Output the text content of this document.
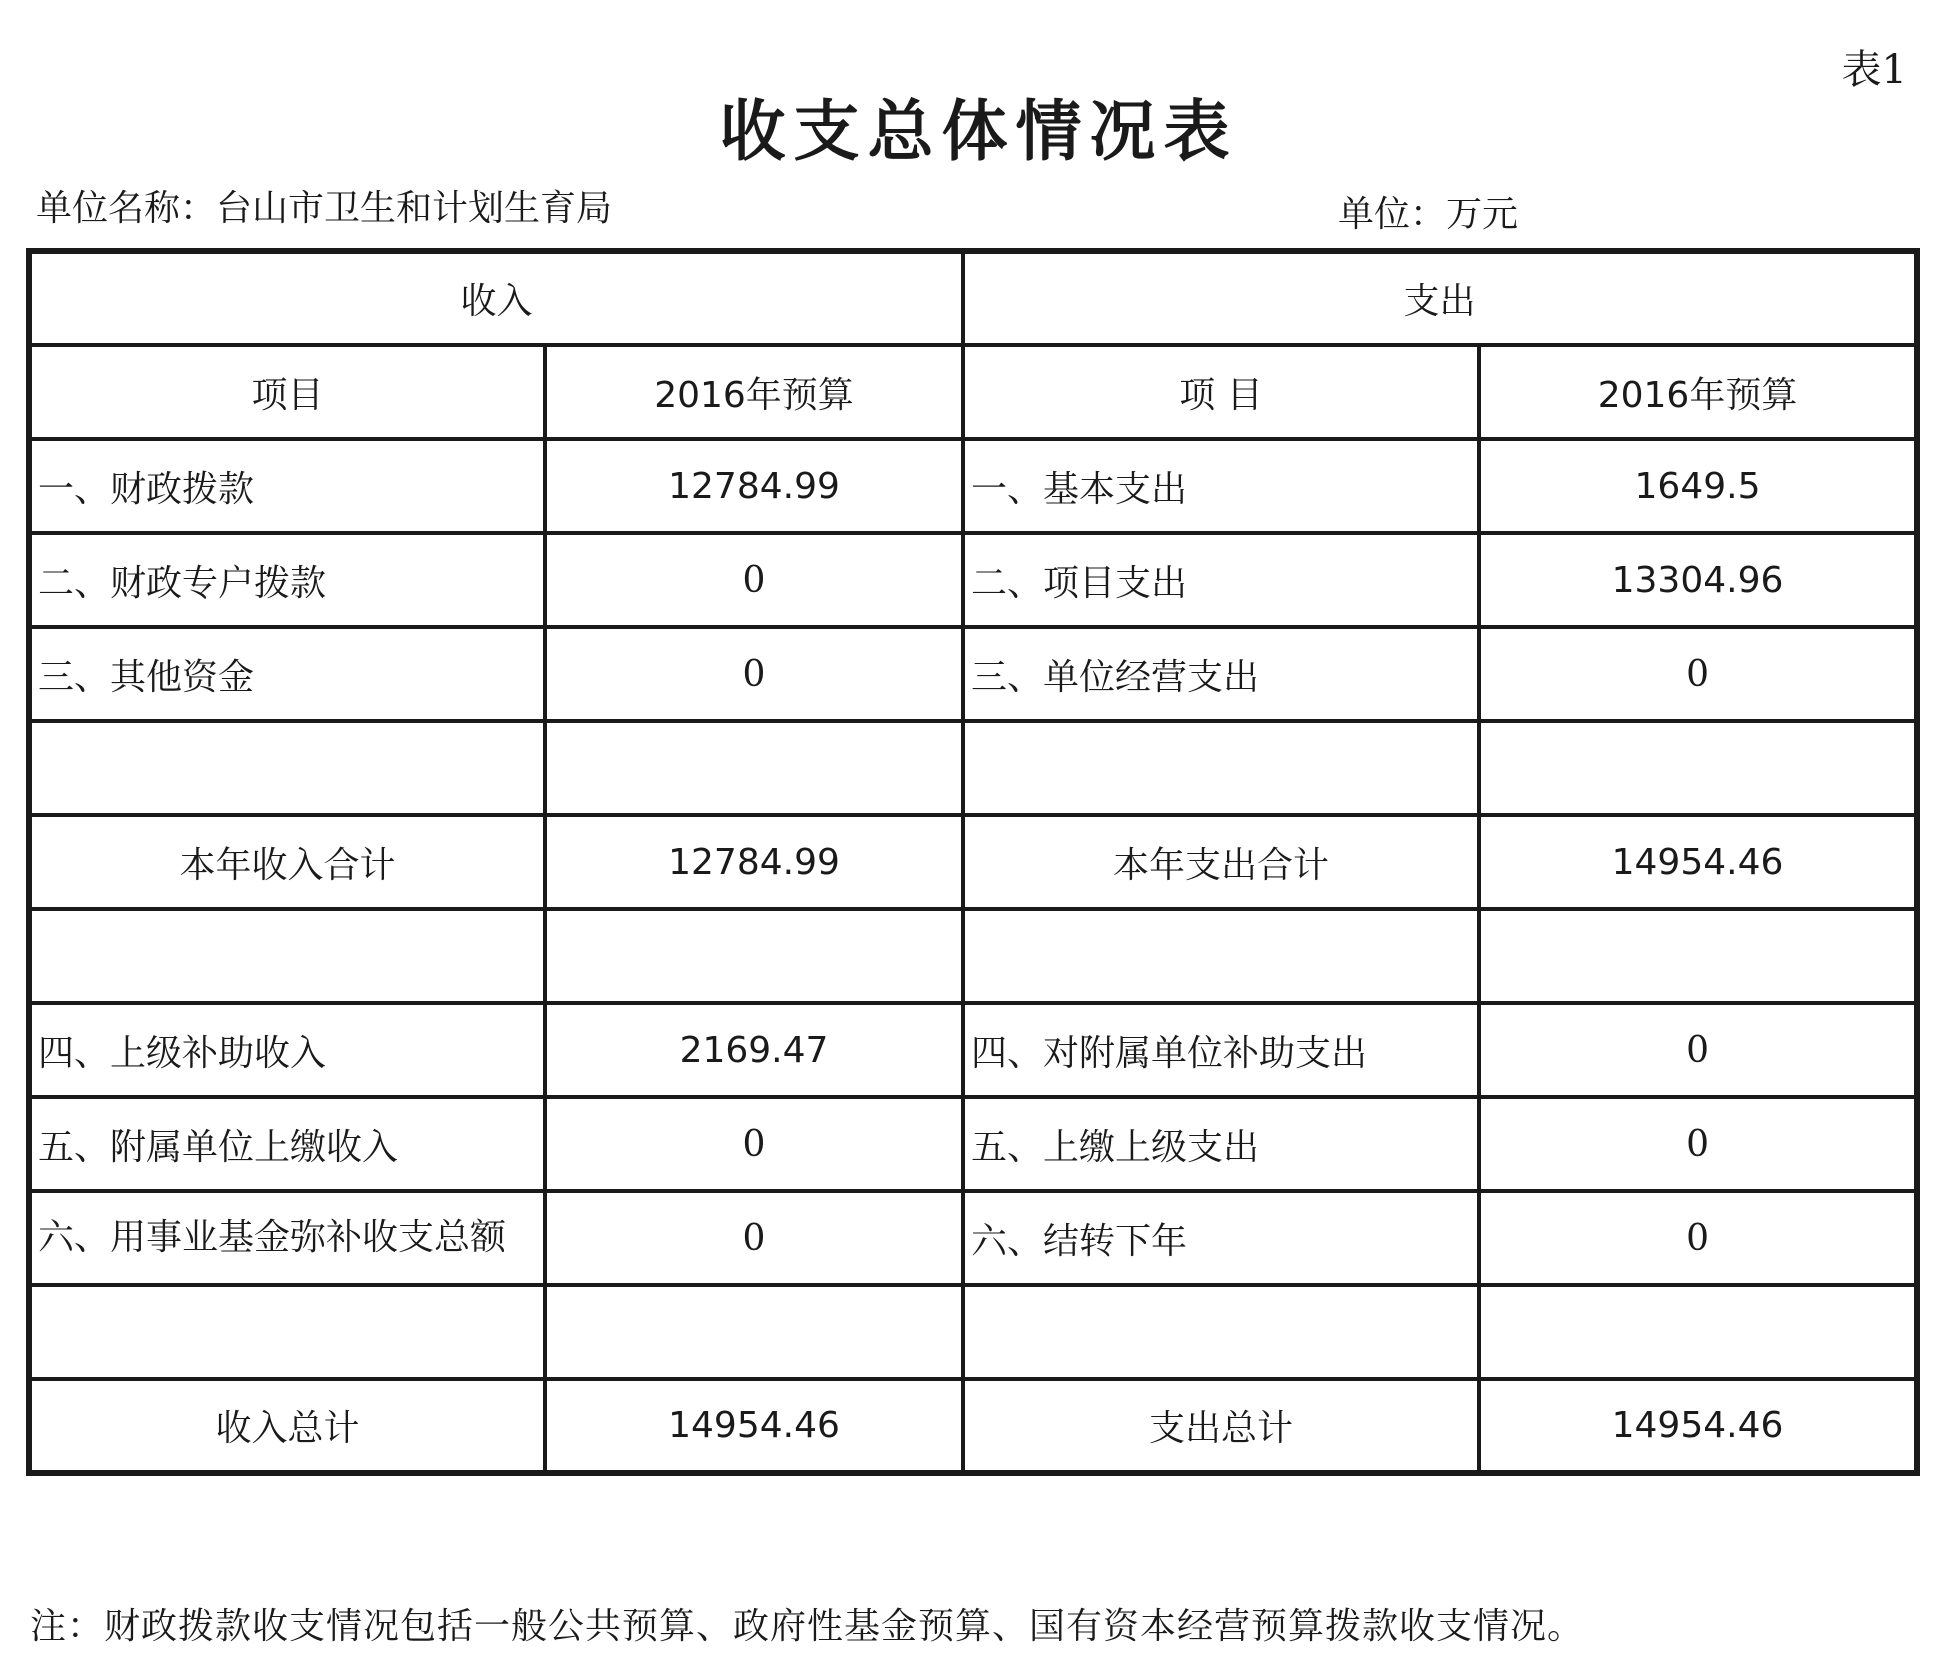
表1
收支总体情况表
单位名称：台山市卫生和计划生育局	单位：万元
收入		支出	
项目	2016年预算	项 目	2016年预算
一、财政拨款	12784.99	一、基本支出	1649.5
二、财政专户拨款	0	二、项目支出	13304.96
三、其他资金	0	三、单位经营支出	0

本年收入合计	12784.99	本年支出合计	14954.46

四、上级补助收入	2169.47	四、对附属单位补助支出	0
五、附属单位上缴收入	0	五、上缴上级支出	0
六、用事业基金弥补收支总额	0	六、结转下年	0

收入总计	14954.46	支出总计	14954.46
注：财政拨款收支情况包括一般公共预算、政府性基金预算、国有资本经营预算拨款收支情况。
